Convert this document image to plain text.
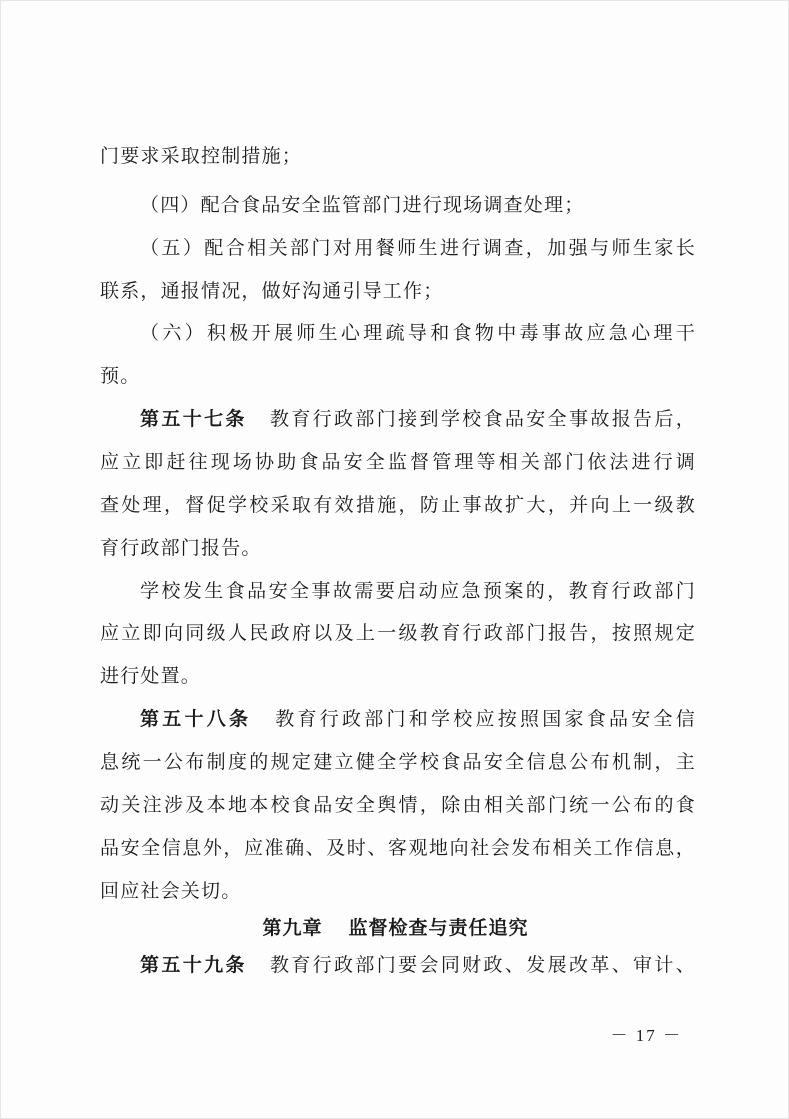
门要求采取控制措施；
（四）配合食品安全监管部门进行现场调查处理；
（五）配合相关部门对用餐师生进行调查，加强与师生家长
联系，通报情况，做好沟通引导工作；
（六）积极开展师生心理疏导和食物中毒事故应急心理干
预。
第五十七条 教育行政部门接到学校食品安全事故报告后，
应立即赶往现场协助食品安全监督管理等相关部门依法进行调
查处理，督促学校采取有效措施，防止事故扩大，并向上一级教
育行政部门报告。
学校发生食品安全事故需要启动应急预案的，教育行政部门
应立即向同级人民政府以及上一级教育行政部门报告，按照规定
进行处置。
第五十八条 教育行政部门和学校应按照国家食品安全信
息统一公布制度的规定建立健全学校食品安全信息公布机制，主
动关注涉及本地本校食品安全舆情，除由相关部门统一公布的食
品安全信息外，应准确、及时、客观地向社会发布相关工作信息，
回应社会关切。
第九章 监督检查与责任追究
第五十九条 教育行政部门要会同财政、发展改革、审计、
－ 17 －
